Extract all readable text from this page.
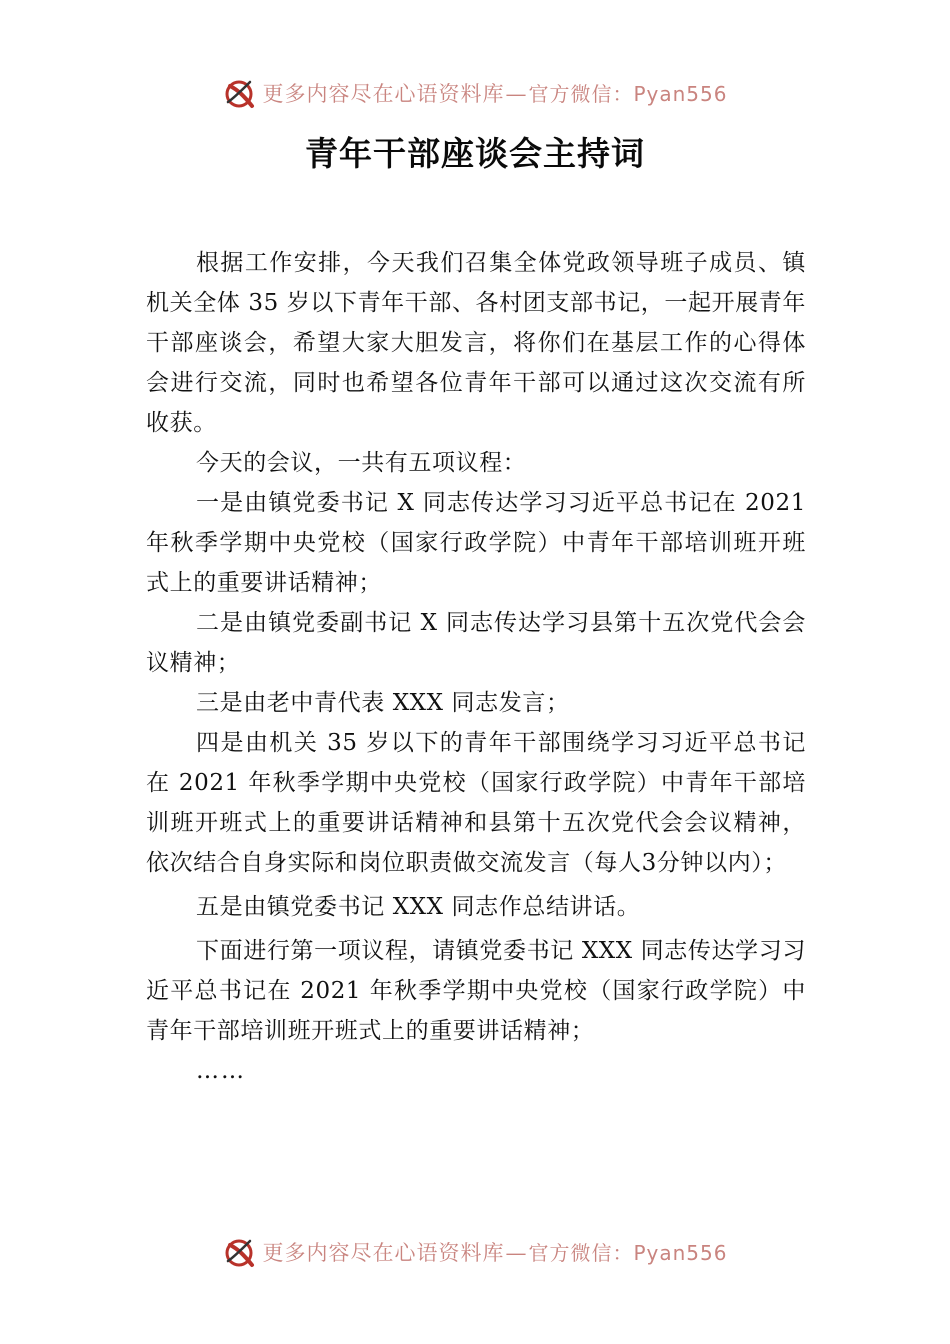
更多内容尽在心语资料库—官方微信：Pyan556
青年干部座谈会主持词

根据工作安排，今天我们召集全体党政领导班子成员、镇机关全体 35 岁以下青年干部、各村团支部书记，一起开展青年干部座谈会，希望大家大胆发言，将你们在基层工作的心得体会进行交流，同时也希望各位青年干部可以通过这次交流有所收获。

今天的会议，一共有五项议程：

一是由镇党委书记 X 同志传达学习习近平总书记在 2021 年秋季学期中央党校（国家行政学院）中青年干部培训班开班式上的重要讲话精神；

二是由镇党委副书记 X 同志传达学习县第十五次党代会会议精神；

三是由老中青代表 XXX 同志发言；

四是由机关 35 岁以下的青年干部围绕学习习近平总书记在 2021 年秋季学期中央党校（国家行政学院）中青年干部培训班开班式上的重要讲话精神和县第十五次党代会会议精神，依次结合自身实际和岗位职责做交流发言（每人3分钟以内）；

五是由镇党委书记 XXX 同志作总结讲话。

下面进行第一项议程，请镇党委书记 XXX 同志传达学习习近平总书记在 2021 年秋季学期中央党校（国家行政学院）中青年干部培训班开班式上的重要讲话精神；

……

更多内容尽在心语资料库—官方微信：Pyan556
